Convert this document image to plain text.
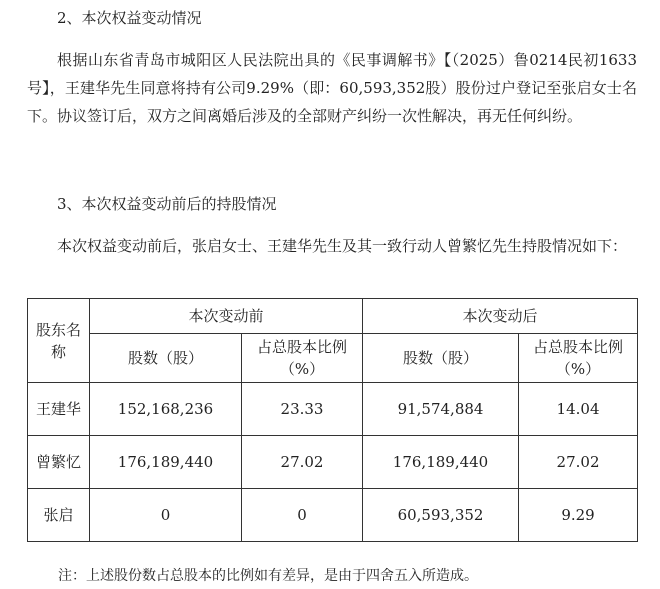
2、本次权益变动情况

根据山东省青岛市城阳区人民法院出具的《民事调解书》【（2025）鲁0214民初1633号】，王建华先生同意将持有公司9.29%（即：60,593,352股）股份过户登记至张启女士名下。协议签订后，双方之间离婚后涉及的全部财产纠纷一次性解决，再无任何纠纷。

3、本次权益变动前后的持股情况

本次权益变动前后，张启女士、王建华先生及其一致行动人曾繁忆先生持股情况如下：

股东名称	本次变动前		本次变动后	
	股数（股）	占总股本比例（%）	股数（股）	占总股本比例（%）
王建华	152,168,236	23.33	91,574,884	14.04
曾繁忆	176,189,440	27.02	176,189,440	27.02
张启	0	0	60,593,352	9.29

注：上述股份数占总股本的比例如有差异，是由于四舍五入所造成。
